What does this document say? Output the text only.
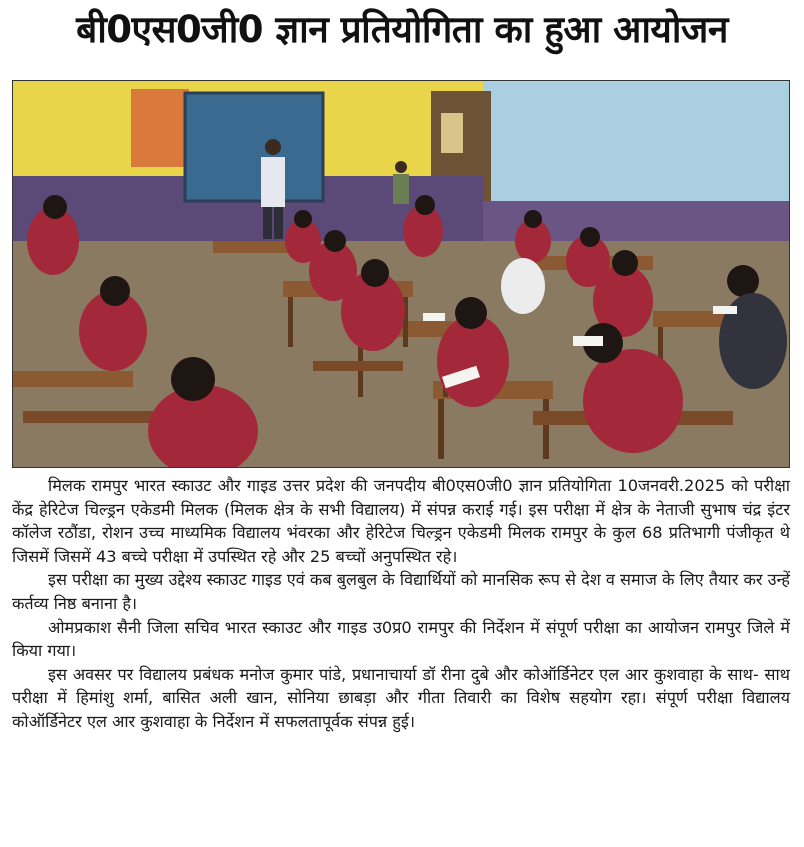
बी0एस0जी0 ज्ञान प्रतियोगिता का हुआ आयोजन

मिलक रामपुर भारत स्काउट और गाइड उत्तर प्रदेश की जनपदीय बी0एस0जी0 ज्ञान प्रतियोगिता 10जनवरी.2025 को परीक्षा केंद्र हेरिटेज चिल्ड्रन एकेडमी मिलक (मिलक क्षेत्र के सभी विद्यालय) में संपन्न कराई गई। इस परीक्षा में क्षेत्र के नेताजी सुभाष चंद्र इंटर कॉलेज रठौंडा, रोशन उच्च माध्यमिक विद्यालय भंवरका और हेरिटेज चिल्ड्रन एकेडमी मिलक रामपुर के कुल 68 प्रतिभागी पंजीकृत थे जिसमें जिसमें 43 बच्चे परीक्षा में उपस्थित रहे और 25 बच्चों अनुपस्थित रहे।

इस परीक्षा का मुख्य उद्देश्य स्काउट गाइड एवं कब बुलबुल के विद्यार्थियों को मानसिक रूप से देश व समाज के लिए तैयार कर उन्हें कर्तव्य निष्ठ बनाना है।

ओमप्रकाश सैनी जिला सचिव भारत स्काउट और गाइड उ0प्र0 रामपुर की निर्देशन में संपूर्ण परीक्षा का आयोजन रामपुर जिले में किया गया।

इस अवसर पर विद्यालय प्रबंधक मनोज कुमार पांडे, प्रधानाचार्या डॉ रीना दुबे और कोऑर्डिनेटर एल आर कुशवाहा के साथ- साथ परीक्षा में हिमांशु शर्मा, बासित अली खान, सोनिया छाबड़ा और गीता तिवारी का विशेष सहयोग रहा। संपूर्ण परीक्षा विद्यालय कोऑर्डिनेटर एल आर कुशवाहा के निर्देशन में सफलतापूर्वक संपन्न हुई।
